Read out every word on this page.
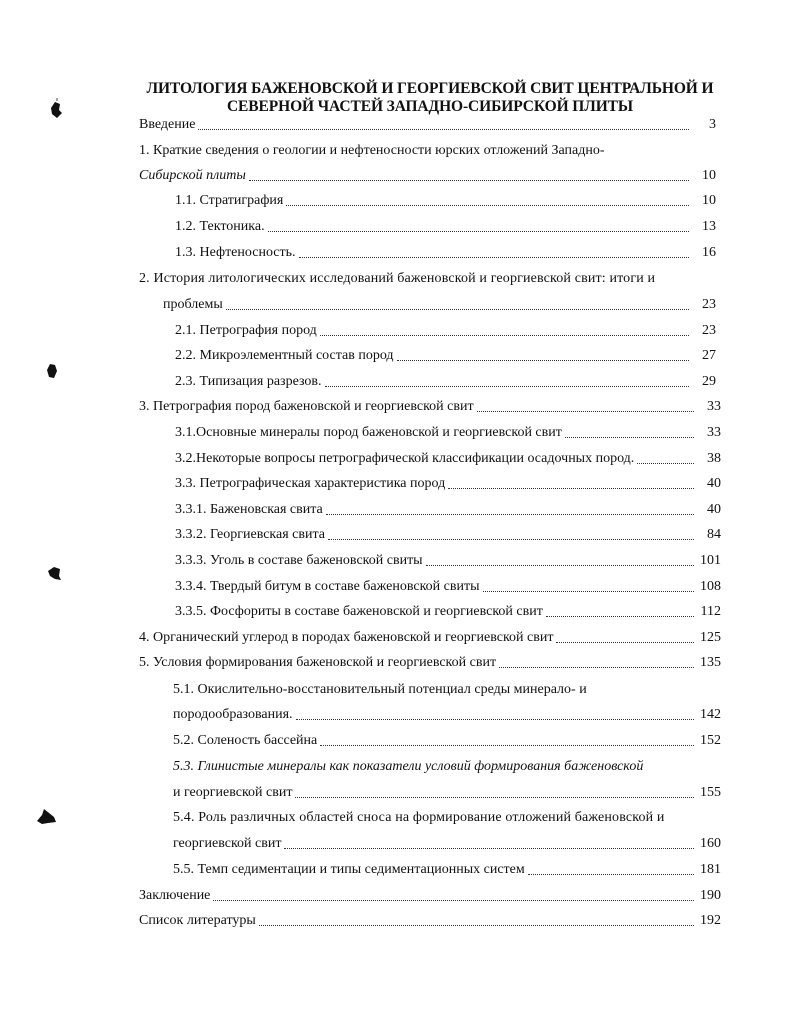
ЛИТОЛОГИЯ БАЖЕНОВСКОЙ И ГЕОРГИЕВСКОЙ СВИТ ЦЕНТРАЛЬНОЙ И
СЕВЕРНОЙ ЧАСТЕЙ ЗАПАДНО-СИБИРСКОЙ ПЛИТЫ
Введение	3
1. Краткие сведения о геологии и нефтеносности юрских отложений Западно-
Сибирской плиты	10
1.1. Стратиграфия	10
1.2. Тектоника.	13
1.3. Нефтеносность.	16
2. История литологических исследований баженовской и георгиевской свит: итоги и
проблемы	23
2.1. Петрография пород	23
2.2. Микроэлементный состав пород	27
2.3. Типизация разрезов.	29
3. Петрография пород баженовской и георгиевской свит	33
3.1.Основные минералы пород баженовской и георгиевской свит	33
3.2.Некоторые вопросы петрографической классификации осадочных пород.	38
3.3. Петрографическая характеристика пород	40
3.3.1. Баженовская свита	40
3.3.2. Георгиевская свита	84
3.3.3. Уголь в составе баженовской свиты	101
3.3.4. Твердый битум в составе баженовской свиты	108
3.3.5. Фосфориты в составе баженовской и георгиевской свит	112
4. Органический углерод в породах баженовской и георгиевской свит	125
5. Условия формирования баженовской и георгиевской свит	135
5.1. Окислительно-восстановительный потенциал среды минерало- и
породообразования.	142
5.2. Соленость бассейна	152
5.3. Глинистые минералы как показатели условий формирования баженовской
и георгиевской свит	155
5.4. Роль различных областей сноса на формирование отложений баженовской и
георгиевской свит	160
5.5. Темп седиментации и типы седиментационных систем	181
Заключение	190
Список литературы	192
